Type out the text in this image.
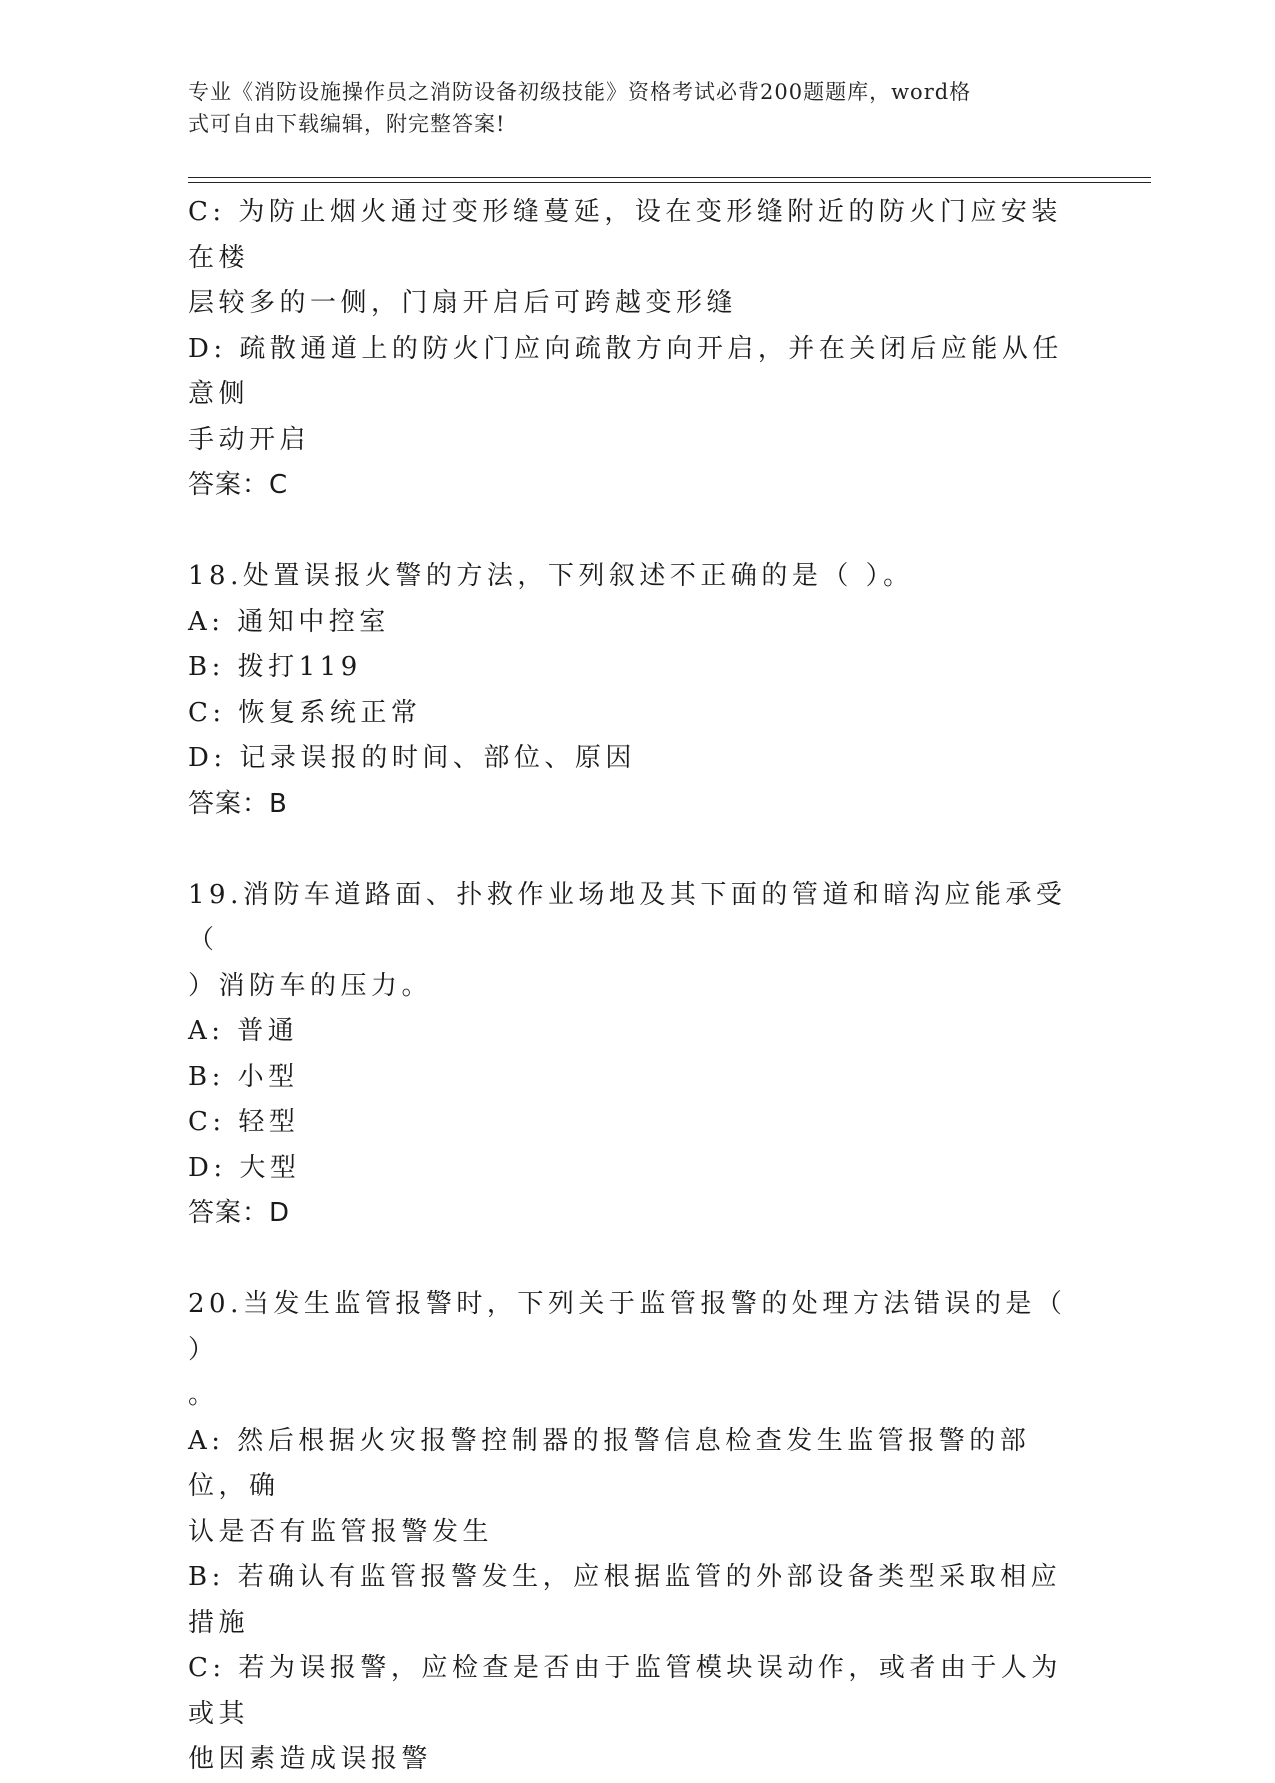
专业《消防设施操作员之消防设备初级技能》资格考试必背200题题库，word格
式可自由下载编辑，附完整答案!

C: 为防止烟火通过变形缝蔓延，设在变形缝附近的防火门应安装在楼

层较多的一侧，门扇开启后可跨越变形缝

D: 疏散通道上的防火门应向疏散方向开启，并在关闭后应能从任意侧

手动开启

答案：C

18.处置误报火警的方法，下列叙述不正确的是（ ）。

A: 通知中控室

B: 拨打119

C: 恢复系统正常

D: 记录误报的时间、部位、原因

答案：B

19.消防车道路面、扑救作业场地及其下面的管道和暗沟应能承受（

）消防车的压力。

A: 普通

B: 小型

C: 轻型

D: 大型

答案：D

20.当发生监管报警时，下列关于监管报警的处理方法错误的是（ ）

。

A: 然后根据火灾报警控制器的报警信息检查发生监管报警的部位，确

认是否有监管报警发生

B: 若确认有监管报警发生，应根据监管的外部设备类型采取相应措施

C: 若为误报警，应检查是否由于监管模块误动作，或者由于人为或其

他因素造成误报警
